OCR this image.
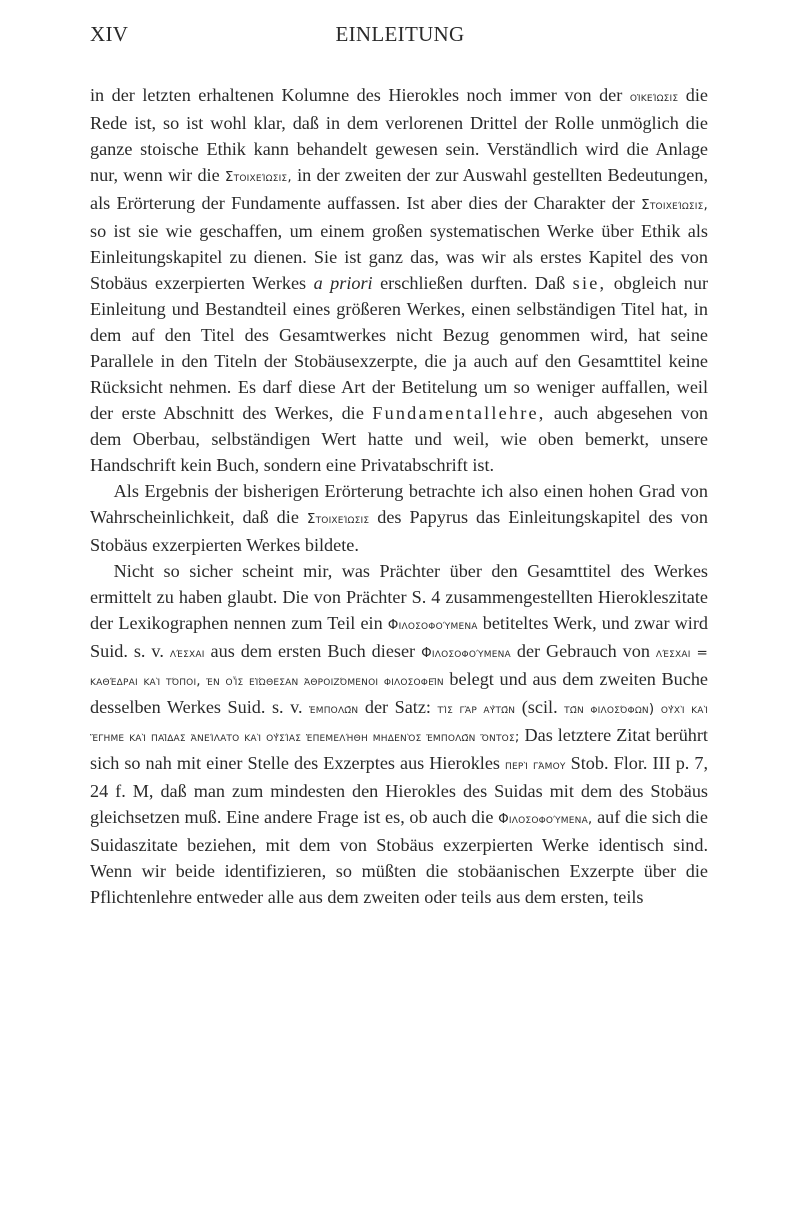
XIV	EINLEITUNG

in der letzten erhaltenen Kolumne des Hierokles noch immer von der οἰκείωσις die Rede ist, so ist wohl klar, daß in dem verlorenen Drittel der Rolle unmöglich die ganze stoische Ethik kann behandelt gewesen sein. Verständlich wird die Anlage nur, wenn wir die Στοιχείωσις, in der zweiten der zur Auswahl gestellten Bedeutungen, als Erörterung der Fundamente auffassen. Ist aber dies der Charakter der Στοιχείωσις, so ist sie wie geschaffen, um einem großen systematischen Werke über Ethik als Einleitungskapitel zu dienen. Sie ist ganz das, was wir als erstes Kapitel des von Stobäus exzerpierten Werkes a priori erschließen durften. Daß sie, obgleich nur Einleitung und Bestandteil eines größeren Werkes, einen selbständigen Titel hat, in dem auf den Titel des Gesamtwerkes nicht Bezug genommen wird, hat seine Parallele in den Titeln der Stobäusexzerpte, die ja auch auf den Gesamttitel keine Rücksicht nehmen. Es darf diese Art der Betitelung um so weniger auffallen, weil der erste Abschnitt des Werkes, die Fundamentallehre, auch abgesehen von dem Oberbau, selbständigen Wert hatte und weil, wie oben bemerkt, unsere Handschrift kein Buch, sondern eine Privatabschrift ist.

Als Ergebnis der bisherigen Erörterung betrachte ich also einen hohen Grad von Wahrscheinlichkeit, daß die Στοιχείωσις des Papyrus das Einleitungskapitel des von Stobäus exzerpierten Werkes bildete.

Nicht so sicher scheint mir, was Prächter über den Gesamttitel des Werkes ermittelt zu haben glaubt. Die von Prächter S. 4 zusammengestellten Hierokleszitate der Lexikographen nennen zum Teil ein Φιλοσοφούμενα betiteltes Werk, und zwar wird Suid. s. v. λέσχαι aus dem ersten Buch dieser Φιλοσοφούμενα der Gebrauch von λέσχαι = καθέδραι καὶ τόποι, ἐν οἷς εἰώθεσαν ἀθροιζόμενοι φιλοσοφεῖν belegt und aus dem zweiten Buche desselben Werkes Suid. s. v. ἐμπολῶν der Satz: τίς γὰρ αὐτῶν (scil. τῶν φιλοσόφων) οὐχὶ καὶ ἔγημε καὶ παῖδας ἀνείλατο καὶ οὐσίας ἐπεμελήθη μηδενὸς ἐμπολῶν ὄντος; Das letztere Zitat berührt sich so nah mit einer Stelle des Exzerptes aus Hierokles περὶ γάμου Stob. Flor. III p. 7, 24 f. M, daß man zum mindesten den Hierokles des Suidas mit dem des Stobäus gleichsetzen muß. Eine andere Frage ist es, ob auch die Φιλοσοφούμενα, auf die sich die Suidaszitate beziehen, mit dem von Stobäus exzerpierten Werke identisch sind. Wenn wir beide identifizieren, so müßten die stobäanischen Exzerpte über die Pflichtenlehre entweder alle aus dem zweiten oder teils aus dem ersten, teils
